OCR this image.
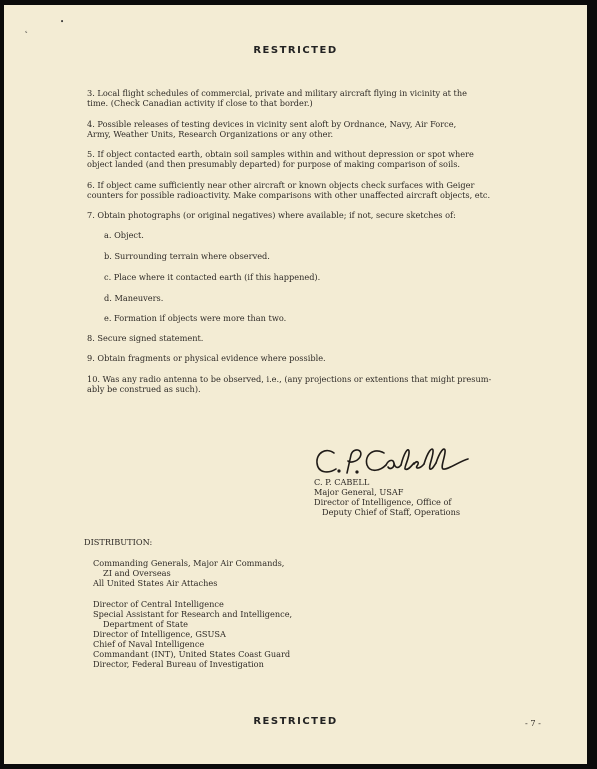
˛
•
RESTRICTED
3. Local flight schedules of commercial, private and military aircraft flying in vicinity at the
time. (Check Canadian activity if close to that border.)
4. Possible releases of testing devices in vicinity sent aloft by Ordnance, Navy, Air Force,
Army, Weather Units, Research Organizations or any other.
5. If object contacted earth, obtain soil samples within and without depression or spot where
object landed (and then presumably departed) for purpose of making comparison of soils.
6. If object came sufficiently near other aircraft or known objects check surfaces with Geiger
counters for possible radioactivity. Make comparisons with other unaffected aircraft objects, etc.
7. Obtain photographs (or original negatives) where available; if not, secure sketches of:
a. Object.
b. Surrounding terrain where observed.
c. Place where it contacted earth (if this happened).
d. Maneuvers.
e. Formation if objects were more than two.
8. Secure signed statement.
9. Obtain fragments or physical evidence where possible.
10. Was any radio antenna to be observed, i.e., (any projections or extentions that might presum-
ably be construed as such).
C. P. CABELL
Major General, USAF
Director of Intelligence, Office of
Deputy Chief of Staff, Operations
DISTRIBUTION:
Commanding Generals, Major Air Commands,
ZI and Overseas
All United States Air Attaches
Director of Central Intelligence
Special Assistant for Research and Intelligence,
Department of State
Director of Intelligence, GSUSA
Chief of Naval Intelligence
Commandant (INT), United States Coast Guard
Director, Federal Bureau of Investigation
RESTRICTED	- 7 -
